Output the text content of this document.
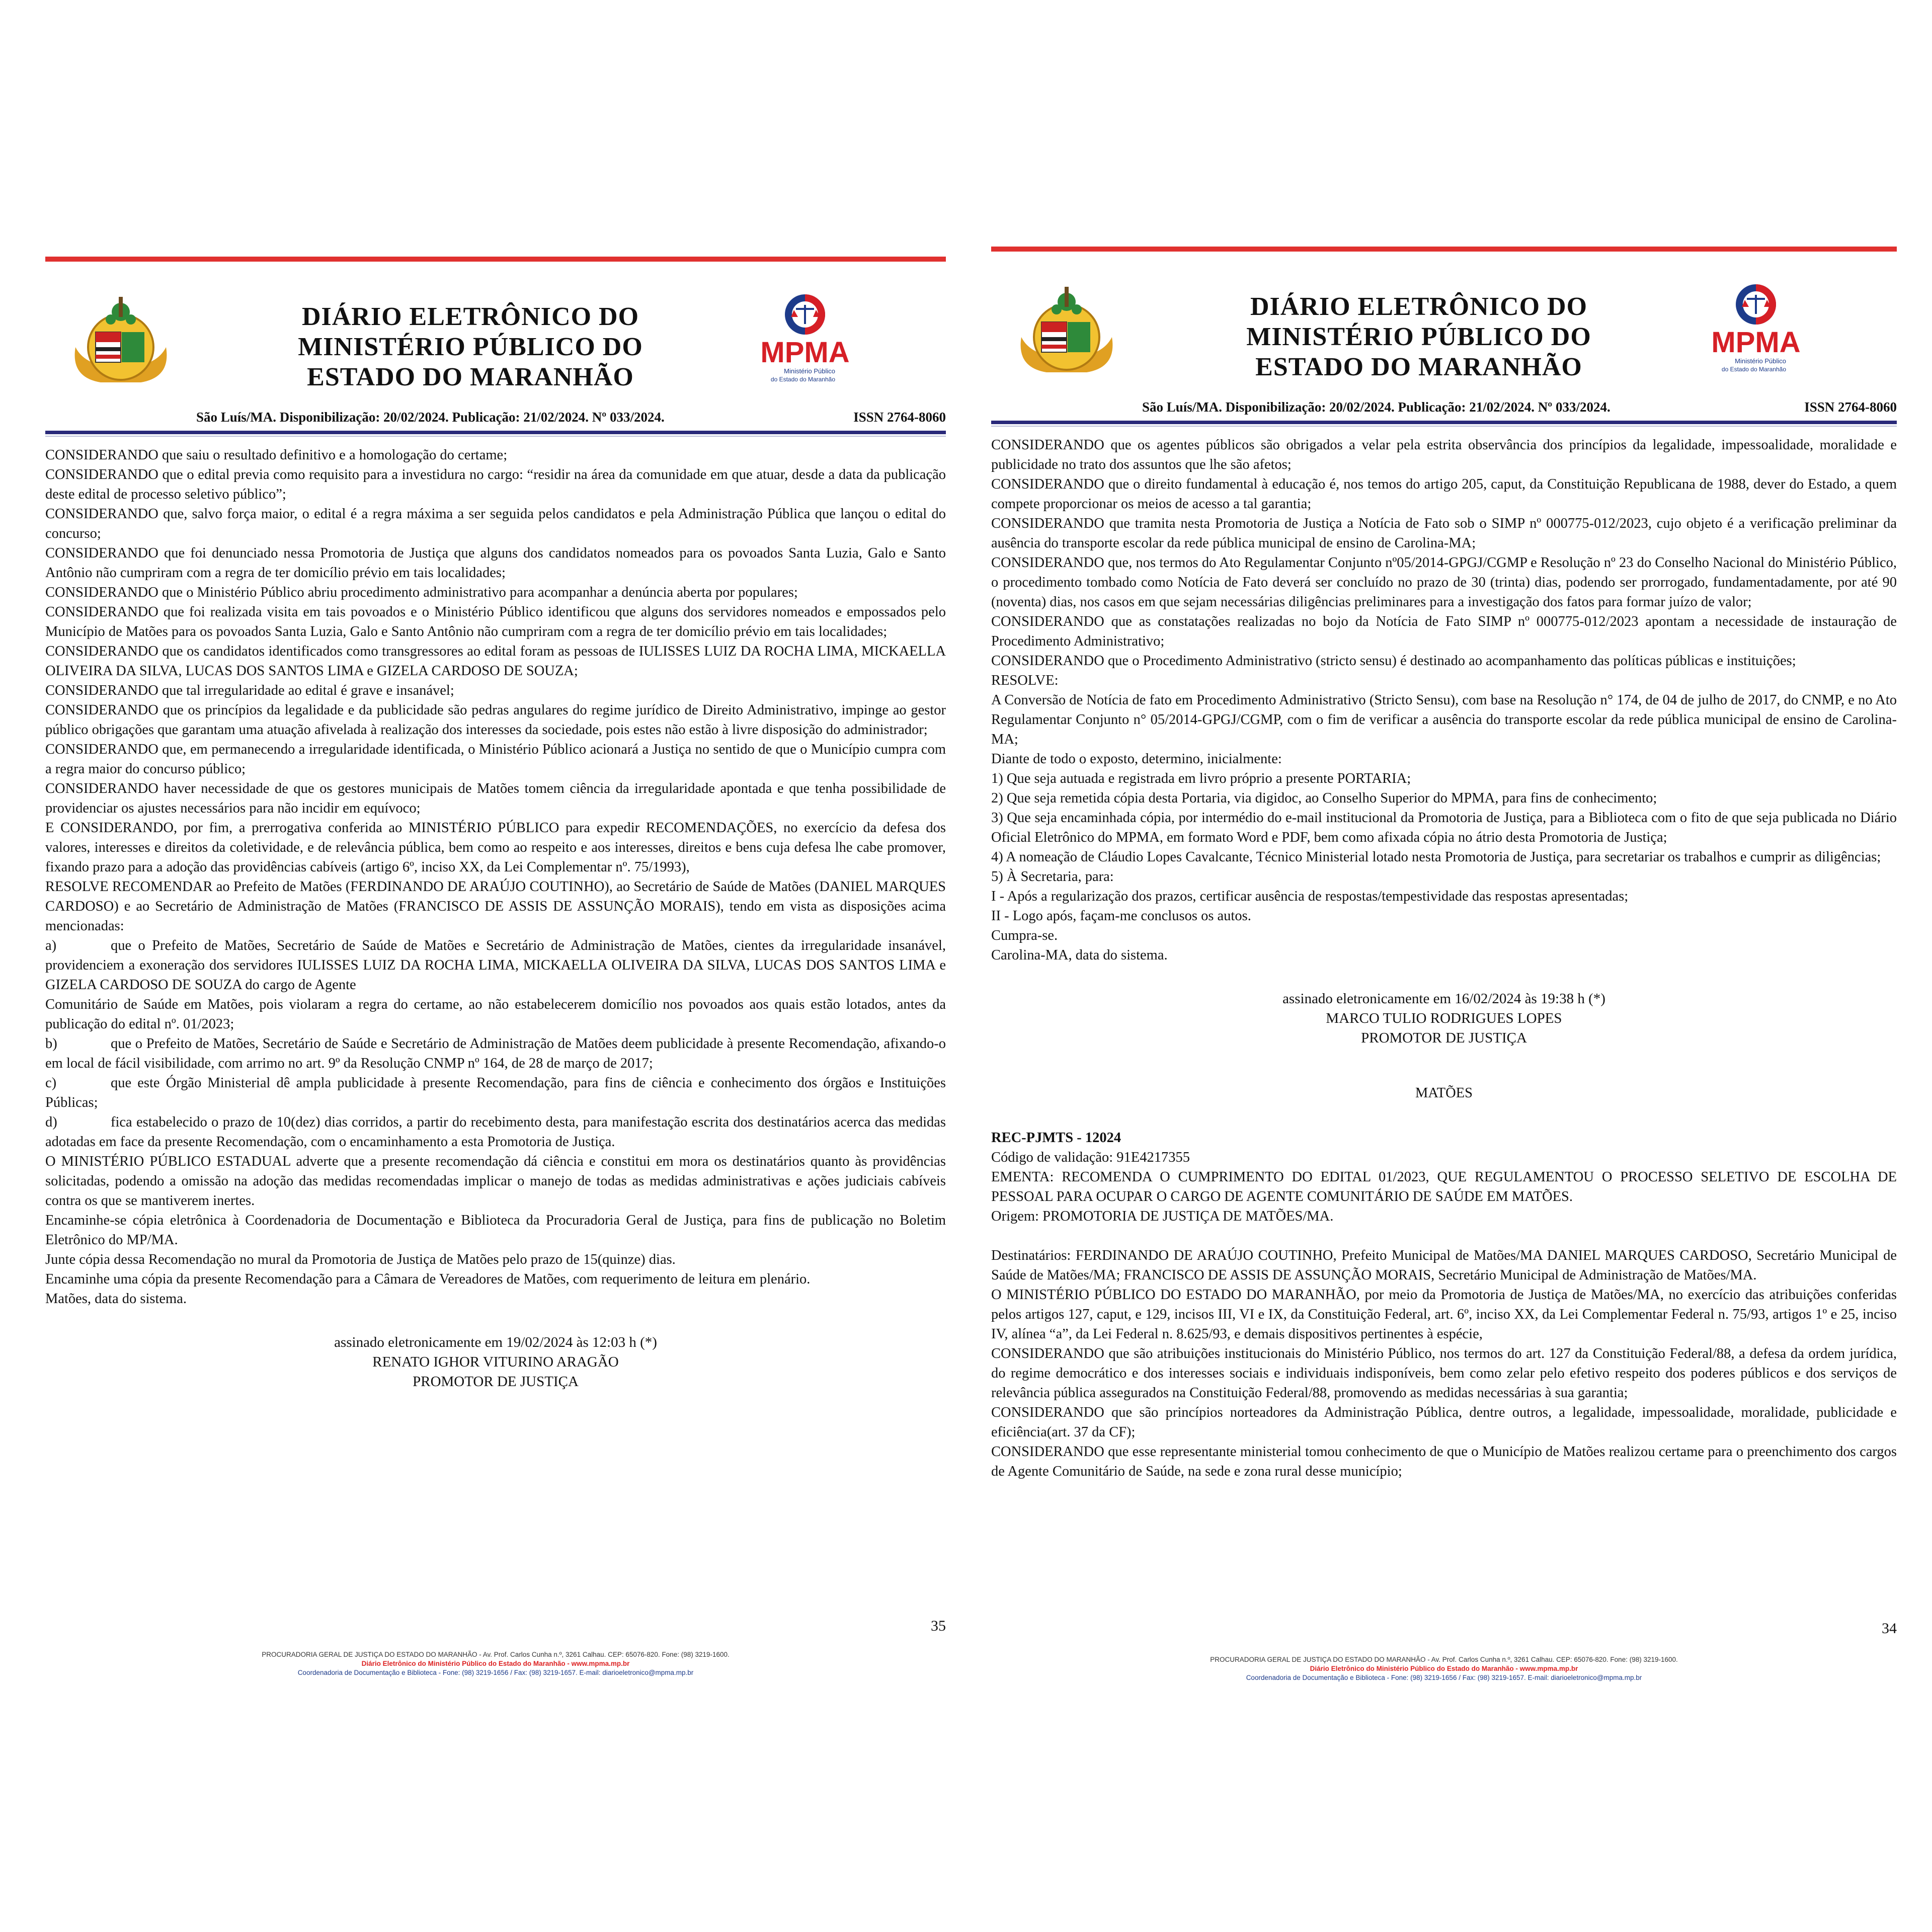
DIÁRIO ELETRÔNICO DO
MINISTÉRIO PÚBLICO DO
ESTADO DO MARANHÃO
MPMA
Ministério Público
do Estado do Maranhão
São Luís/MA. Disponibilização: 20/02/2024. Publicação: 21/02/2024. Nº 033/2024.	ISSN 2764-8060

CONSIDERANDO que saiu o resultado definitivo e a homologação do certame;

CONSIDERANDO que o edital previa como requisito para a investidura no cargo: “residir na área da comunidade em que atuar, desde a data da publicação deste edital de processo seletivo público”;

CONSIDERANDO que, salvo força maior, o edital é a regra máxima a ser seguida pelos candidatos e pela Administração Pública que lançou o edital do concurso;

CONSIDERANDO que foi denunciado nessa Promotoria de Justiça que alguns dos candidatos nomeados para os povoados Santa Luzia, Galo e Santo Antônio não cumpriram com a regra de ter domicílio prévio em tais localidades;

CONSIDERANDO que o Ministério Público abriu procedimento administrativo para acompanhar a denúncia aberta por populares;

CONSIDERANDO que foi realizada visita em tais povoados e o Ministério Público identificou que alguns dos servidores nomeados e empossados pelo Município de Matões para os povoados Santa Luzia, Galo e Santo Antônio não cumpriram com a regra de ter domicílio prévio em tais localidades;

CONSIDERANDO que os candidatos identificados como transgressores ao edital foram as pessoas de IULISSES LUIZ DA ROCHA LIMA, MICKAELLA OLIVEIRA DA SILVA, LUCAS DOS SANTOS LIMA e GIZELA CARDOSO DE SOUZA;

CONSIDERANDO que tal irregularidade ao edital é grave e insanável;

CONSIDERANDO que os princípios da legalidade e da publicidade são pedras angulares do regime jurídico de Direito Administrativo, impinge ao gestor público obrigações que garantam uma atuação afivelada à realização dos interesses da sociedade, pois estes não estão à livre disposição do administrador;

CONSIDERANDO que, em permanecendo a irregularidade identificada, o Ministério Público acionará a Justiça no sentido de que o Município cumpra com a regra maior do concurso público;

CONSIDERANDO haver necessidade de que os gestores municipais de Matões tomem ciência da irregularidade apontada e que tenha possibilidade de providenciar os ajustes necessários para não incidir em equívoco;

E CONSIDERANDO, por fim, a prerrogativa conferida ao MINISTÉRIO PÚBLICO para expedir RECOMENDAÇÕES, no exercício da defesa dos valores, interesses e direitos da coletividade, e de relevância pública, bem como ao respeito e aos interesses, direitos e bens cuja defesa lhe cabe promover, fixando prazo para a adoção das providências cabíveis (artigo 6º, inciso XX, da Lei Complementar nº. 75/1993),

RESOLVE RECOMENDAR ao Prefeito de Matões (FERDINANDO DE ARAÚJO COUTINHO), ao Secretário de Saúde de Matões (DANIEL MARQUES CARDOSO) e ao Secretário de Administração de Matões (FRANCISCO DE ASSIS DE ASSUNÇÃO MORAIS), tendo em vista as disposições acima mencionadas:

a)	que o Prefeito de Matões, Secretário de Saúde de Matões e Secretário de Administração de Matões, cientes da irregularidade insanável, providenciem a exoneração dos servidores IULISSES LUIZ DA ROCHA LIMA, MICKAELLA OLIVEIRA DA SILVA, LUCAS DOS SANTOS LIMA e GIZELA CARDOSO DE SOUZA do cargo de Agente

Comunitário de Saúde em Matões, pois violaram a regra do certame, ao não estabelecerem domicílio nos povoados aos quais estão lotados, antes da publicação do edital nº. 01/2023;

b)	que o Prefeito de Matões, Secretário de Saúde e Secretário de Administração de Matões deem publicidade à presente Recomendação, afixando-o em local de fácil visibilidade, com arrimo no art. 9º da Resolução CNMP nº 164, de 28 de março de 2017;

c)	que este Órgão Ministerial dê ampla publicidade à presente Recomendação, para fins de ciência e conhecimento dos órgãos e Instituições Públicas;

d)	fica estabelecido o prazo de 10(dez) dias corridos, a partir do recebimento desta, para manifestação escrita dos destinatários acerca das medidas adotadas em face da presente Recomendação, com o encaminhamento a esta Promotoria de Justiça.

O MINISTÉRIO PÚBLICO ESTADUAL adverte que a presente recomendação dá ciência e constitui em mora os destinatários quanto às providências solicitadas, podendo a omissão na adoção das medidas recomendadas implicar o manejo de todas as medidas administrativas e ações judiciais cabíveis contra os que se mantiverem inertes.

Encaminhe-se cópia eletrônica à Coordenadoria de Documentação e Biblioteca da Procuradoria Geral de Justiça, para fins de publicação no Boletim Eletrônico do MP/MA.

Junte cópia dessa Recomendação no mural da Promotoria de Justiça de Matões pelo prazo de 15(quinze) dias.

Encaminhe uma cópia da presente Recomendação para a Câmara de Vereadores de Matões, com requerimento de leitura em plenário.

Matões, data do sistema.

assinado eletronicamente em 19/02/2024 às 12:03 h (*)
RENATO IGHOR VITURINO ARAGÃO
PROMOTOR DE JUSTIÇA
35
PROCURADORIA GERAL DE JUSTIÇA DO ESTADO DO MARANHÃO - Av. Prof. Carlos Cunha n.º, 3261 Calhau. CEP: 65076-820. Fone: (98) 3219-1600.
Diário Eletrônico do Ministério Público do Estado do Maranhão - www.mpma.mp.br
Coordenadoria de Documentação e Biblioteca - Fone: (98) 3219-1656 / Fax: (98) 3219-1657. E-mail: diarioeletronico@mpma.mp.br
DIÁRIO ELETRÔNICO DO
MINISTÉRIO PÚBLICO DO
ESTADO DO MARANHÃO
MPMA
Ministério Público
do Estado do Maranhão
São Luís/MA. Disponibilização: 20/02/2024. Publicação: 21/02/2024. Nº 033/2024.	ISSN 2764-8060

CONSIDERANDO que os agentes públicos são obrigados a velar pela estrita observância dos princípios da legalidade, impessoalidade, moralidade e publicidade no trato dos assuntos que lhe são afetos;

CONSIDERANDO que o direito fundamental à educação é, nos temos do artigo 205, caput, da Constituição Republicana de 1988, dever do Estado, a quem compete proporcionar os meios de acesso a tal garantia;

CONSIDERANDO que tramita nesta Promotoria de Justiça a Notícia de Fato sob o SIMP nº 000775-012/2023, cujo objeto é a verificação preliminar da ausência do transporte escolar da rede pública municipal de ensino de Carolina-MA;

CONSIDERANDO que, nos termos do Ato Regulamentar Conjunto nº05/2014-GPGJ/CGMP e Resolução nº 23 do Conselho Nacional do Ministério Público, o procedimento tombado como Notícia de Fato deverá ser concluído no prazo de 30 (trinta) dias, podendo ser prorrogado, fundamentadamente, por até 90 (noventa) dias, nos casos em que sejam necessárias diligências preliminares para a investigação dos fatos para formar juízo de valor;

CONSIDERANDO que as constatações realizadas no bojo da Notícia de Fato SIMP nº 000775-012/2023 apontam a necessidade de instauração de Procedimento Administrativo;

CONSIDERANDO que o Procedimento Administrativo (stricto sensu) é destinado ao acompanhamento das políticas públicas e instituições;

RESOLVE:

A Conversão de Notícia de fato em Procedimento Administrativo (Stricto Sensu), com base na Resolução n° 174, de 04 de julho de 2017, do CNMP, e no Ato Regulamentar Conjunto n° 05/2014-GPGJ/CGMP, com o fim de verificar a ausência do transporte escolar da rede pública municipal de ensino de Carolina-MA;

Diante de todo o exposto, determino, inicialmente:

1) Que seja autuada e registrada em livro próprio a presente PORTARIA;

2) Que seja remetida cópia desta Portaria, via digidoc, ao Conselho Superior do MPMA, para fins de conhecimento;

3) Que seja encaminhada cópia, por intermédio do e-mail institucional da Promotoria de Justiça, para a Biblioteca com o fito de que seja publicada no Diário Oficial Eletrônico do MPMA, em formato Word e PDF, bem como afixada cópia no átrio desta Promotoria de Justiça;

4) A nomeação de Cláudio Lopes Cavalcante, Técnico Ministerial lotado nesta Promotoria de Justiça, para secretariar os trabalhos e cumprir as diligências;

5) À Secretaria, para:

I - Após a regularização dos prazos, certificar ausência de respostas/tempestividade das respostas apresentadas;

II - Logo após, façam-me conclusos os autos.

Cumpra-se.

Carolina-MA, data do sistema.

assinado eletronicamente em 16/02/2024 às 19:38 h (*)
MARCO TULIO RODRIGUES LOPES
PROMOTOR DE JUSTIÇA
MATÕES

REC-PJMTS - 12024

Código de validação: 91E4217355

EMENTA: RECOMENDA O CUMPRIMENTO DO EDITAL 01/2023, QUE REGULAMENTOU O PROCESSO SELETIVO DE ESCOLHA DE PESSOAL PARA OCUPAR O CARGO DE AGENTE COMUNITÁRIO DE SAÚDE EM MATÕES.

Origem: PROMOTORIA DE JUSTIÇA DE MATÕES/MA.

Destinatários: FERDINANDO DE ARAÚJO COUTINHO, Prefeito Municipal de Matões/MA DANIEL MARQUES CARDOSO, Secretário Municipal de Saúde de Matões/MA; FRANCISCO DE ASSIS DE ASSUNÇÃO MORAIS, Secretário Municipal de Administração de Matões/MA.

O MINISTÉRIO PÚBLICO DO ESTADO DO MARANHÃO, por meio da Promotoria de Justiça de Matões/MA, no exercício das atribuições conferidas pelos artigos 127, caput, e 129, incisos III, VI e IX, da Constituição Federal, art. 6º, inciso XX, da Lei Complementar Federal n. 75/93, artigos 1º e 25, inciso IV, alínea “a”, da Lei Federal n. 8.625/93, e demais dispositivos pertinentes à espécie,

CONSIDERANDO que são atribuições institucionais do Ministério Público, nos termos do art. 127 da Constituição Federal/88, a defesa da ordem jurídica, do regime democrático e dos interesses sociais e individuais indisponíveis, bem como zelar pelo efetivo respeito dos poderes públicos e dos serviços de relevância pública assegurados na Constituição Federal/88, promovendo as medidas necessárias à sua garantia;

CONSIDERANDO que são princípios norteadores da Administração Pública, dentre outros, a legalidade, impessoalidade, moralidade, publicidade e eficiência(art. 37 da CF);

CONSIDERANDO que esse representante ministerial tomou conhecimento de que o Município de Matões realizou certame para o preenchimento dos cargos de Agente Comunitário de Saúde, na sede e zona rural desse município;

34
PROCURADORIA GERAL DE JUSTIÇA DO ESTADO DO MARANHÃO - Av. Prof. Carlos Cunha n.º, 3261 Calhau. CEP: 65076-820. Fone: (98) 3219-1600.
Diário Eletrônico do Ministério Público do Estado do Maranhão - www.mpma.mp.br
Coordenadoria de Documentação e Biblioteca - Fone: (98) 3219-1656 / Fax: (98) 3219-1657. E-mail: diarioeletronico@mpma.mp.br
